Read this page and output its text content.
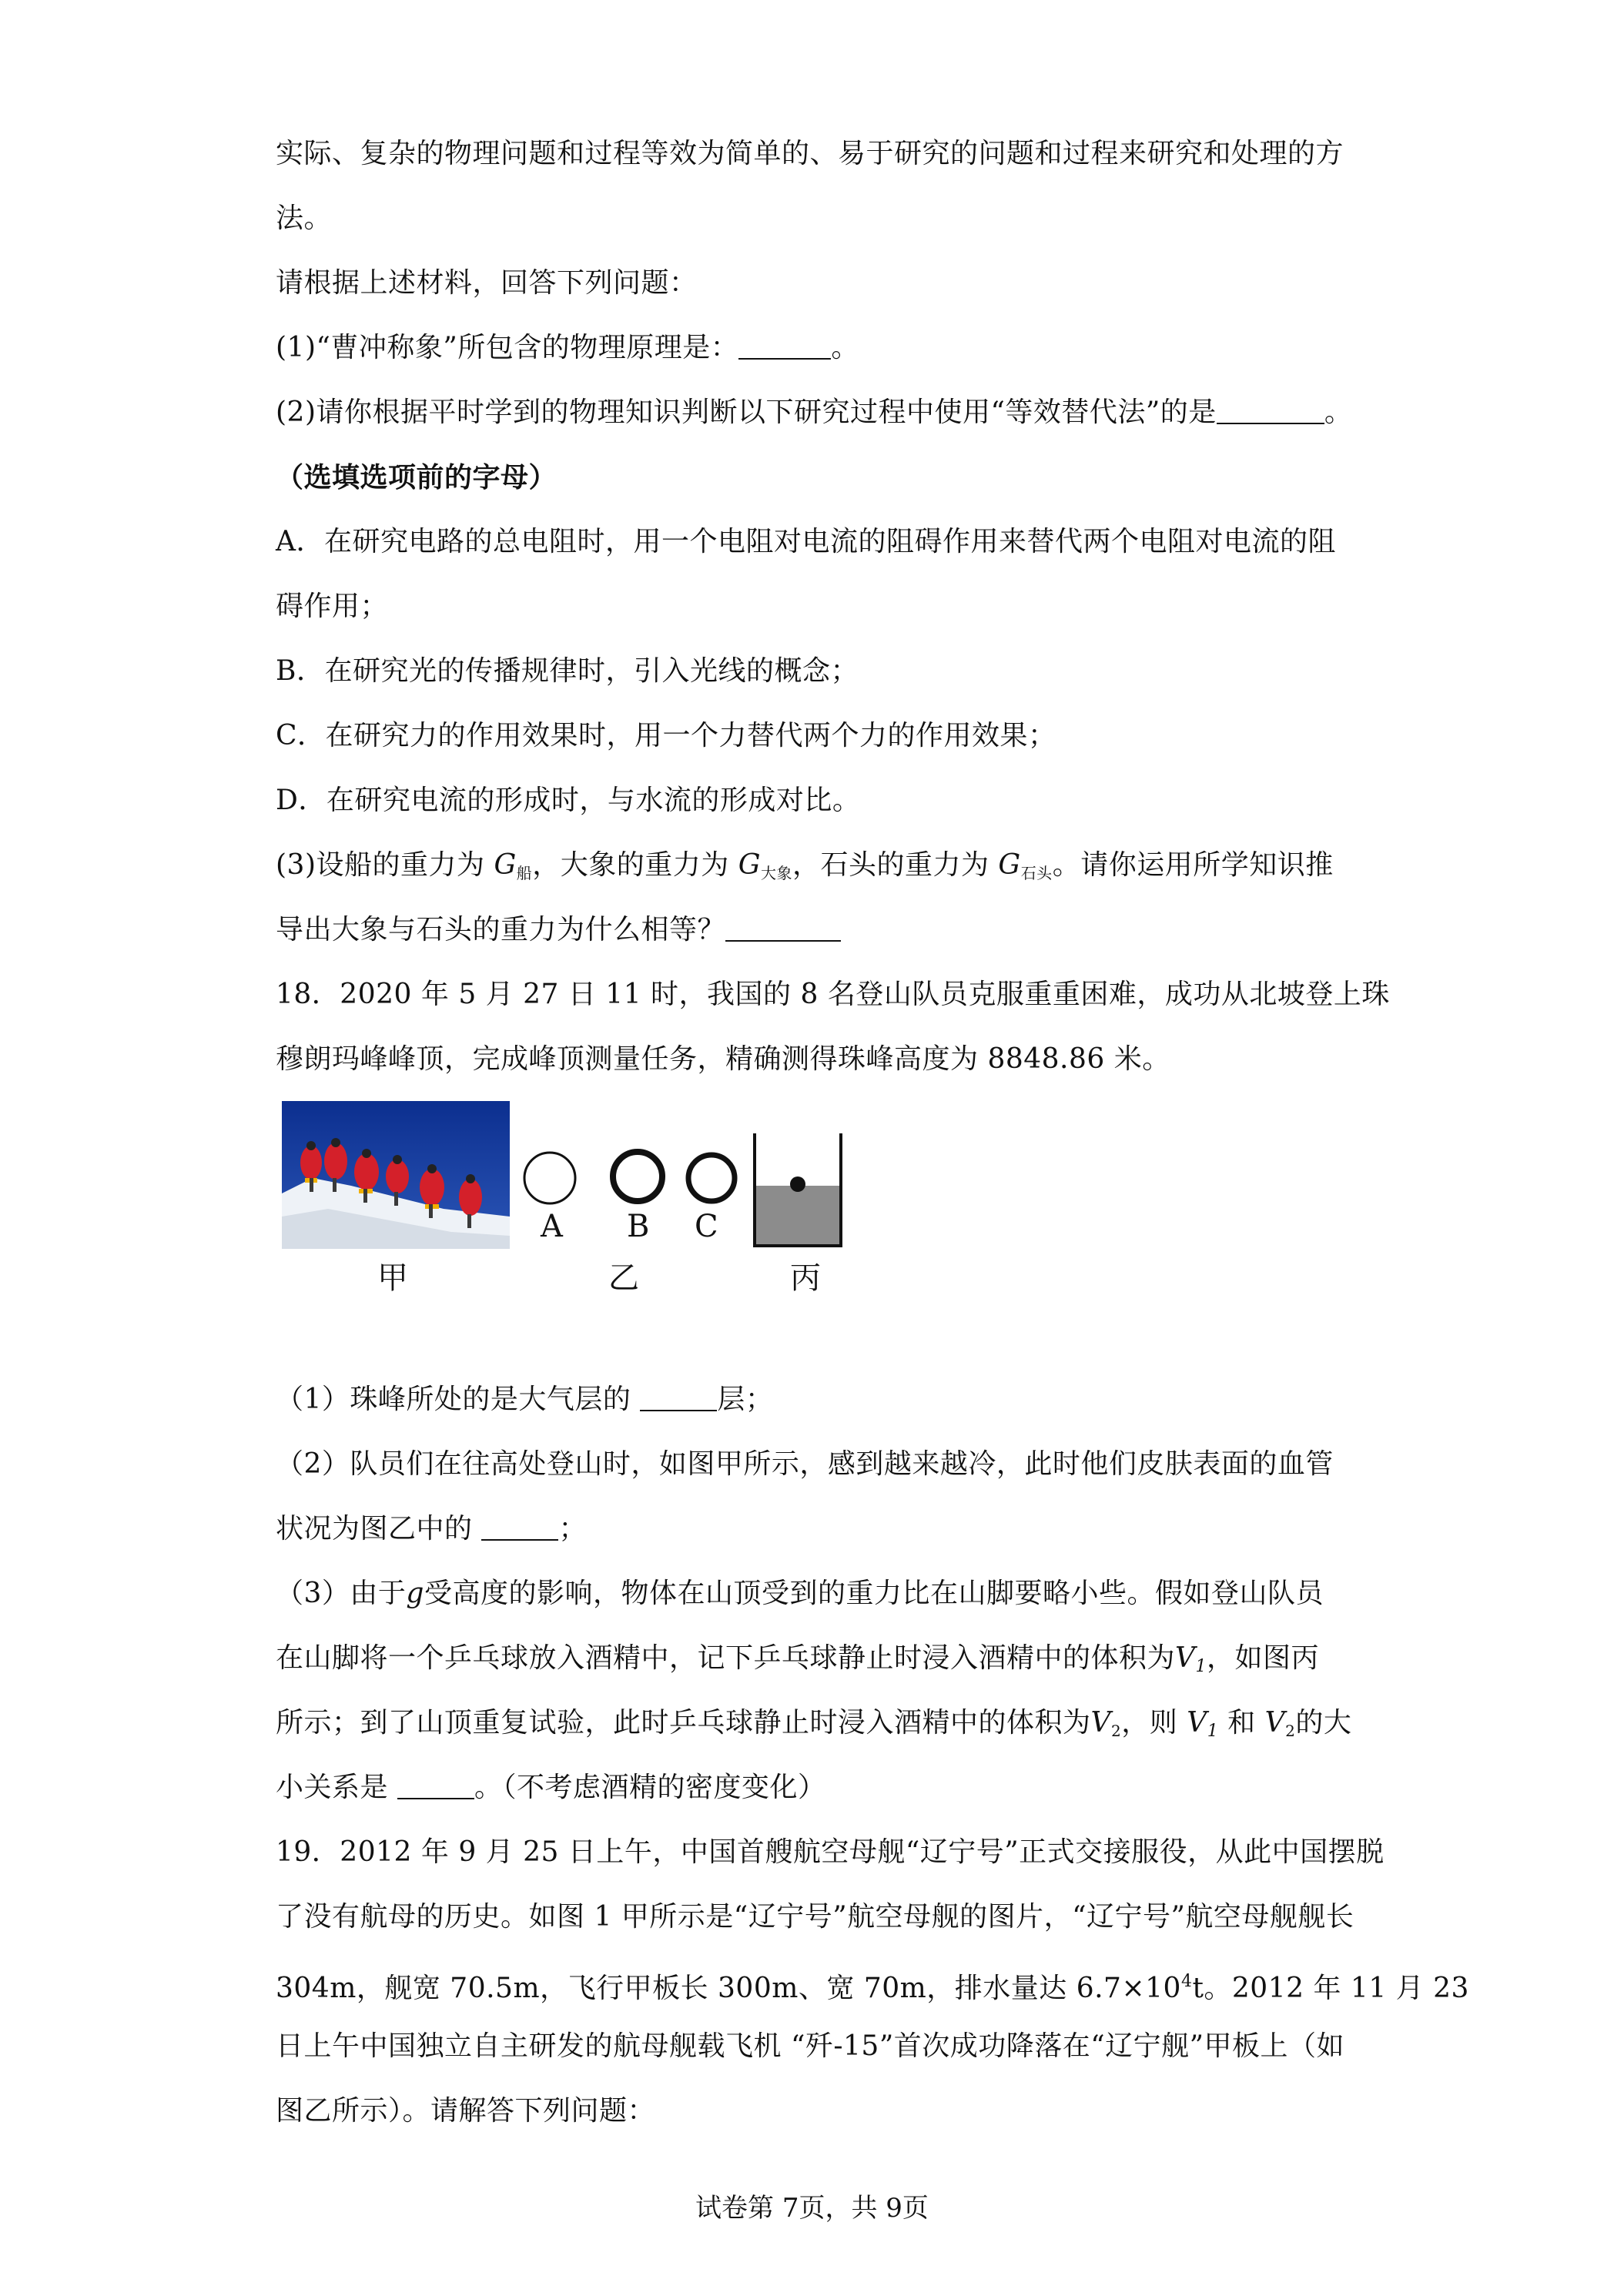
实际、复杂的物理问题和过程等效为简单的、易于研究的问题和过程来研究和处理的方
法。
请根据上述材料，回答下列问题：
(1)“曹冲称象”所包含的物理原理是：	。
(2)请你根据平时学到的物理知识判断以下研究过程中使用“等效替代法”的是	。
（选填选项前的字母）
A．在研究电路的总电阻时，用一个电阻对电流的阻碍作用来替代两个电阻对电流的阻
碍作用；
B．在研究光的传播规律时，引入光线的概念；
C．在研究力的作用效果时，用一个力替代两个力的作用效果；
D．在研究电流的形成时，与水流的形成对比。
(3)设船的重力为 $G_船$，大象的重力为 $G_{大象}$，石头的重力为 $G_{石头}$。请你运用所学知识推
导出大象与石头的重力为什么相等？
18．2020 年 5 月 27 日 11 时，我国的 8 名登山队员克服重重困难，成功从北坡登上珠
穆朗玛峰峰顶，完成峰顶测量任务，精确测得珠峰高度为 8848.86 米。
A B C
甲	乙	丙
（1）珠峰所处的是大气层的	层；
（2）队员们在往高处登山时，如图甲所示，感到越来越冷，此时他们皮肤表面的血管
状况为图乙中的	；
（3）由于g受高度的影响，物体在山顶受到的重力比在山脚要略小些。假如登山队员
在山脚将一个乒乓球放入酒精中，记下乒乓球静止时浸入酒精中的体积为V1，如图丙
所示；到了山顶重复试验，此时乒乓球静止时浸入酒精中的体积为$V_2$，则 V1 和 $V_2$的大
小关系是	。（不考虑酒精的密度变化）
19．2012 年 9 月 25 日上午，中国首艘航空母舰“辽宁号”正式交接服役，从此中国摆脱
了没有航母的历史。如图 1 甲所示是“辽宁号”航空母舰的图片，“辽宁号”航空母舰舰长
304m，舰宽 70.5m，飞行甲板长 300m、宽 70m，排水量达 $6.7\times 10^4t$。2012 年 11 月 23
日上午中国独立自主研发的航母舰载飞机 “歼-15”首次成功降落在“辽宁舰”甲板上（如
图乙所示）。请解答下列问题：
试卷第 7页，共 9页
